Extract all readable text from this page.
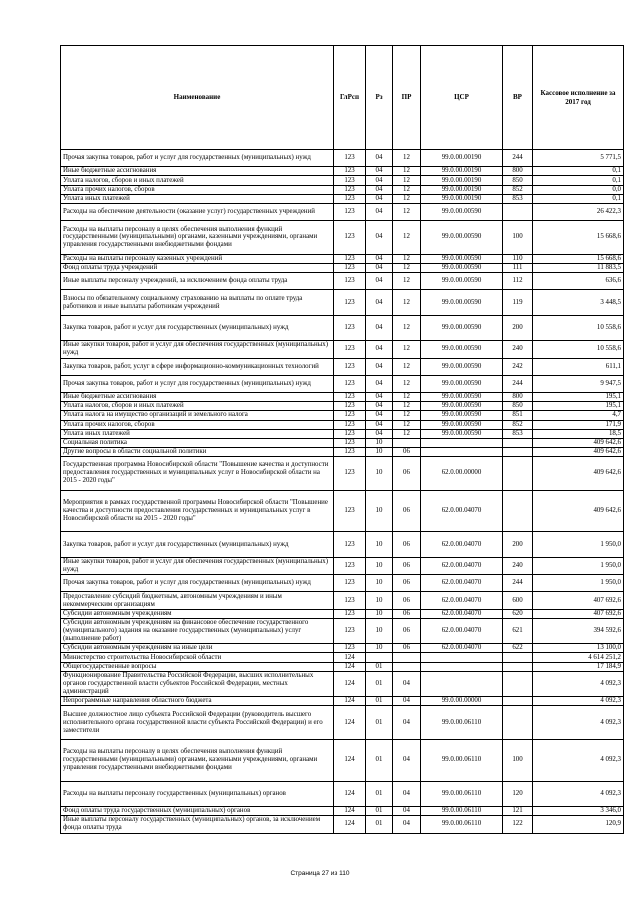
Наименование	ГлРсп	Рз	ПР	ЦСР	ВР	Кассовое исполнение за 2017 год
Прочая закупка товаров, работ и услуг для государственных (муниципальных) нужд	123	04	12	99.0.00.00190	244	5 771,5
Иные бюджетные ассигнования	123	04	12	99.0.00.00190	800	0,1
Уплата налогов, сборов и иных платежей	123	04	12	99.0.00.00190	850	0,1
Уплата прочих налогов, сборов	123	04	12	99.0.00.00190	852	0,0
Уплата иных платежей	123	04	12	99.0.00.00190	853	0,1
Расходы на обеспечение деятельности (оказание услуг) государственных учреждений	123	04	12	99.0.00.00590		26 422,3
Расходы на выплаты персоналу в целях обеспечения выполнения функций государственными (муниципальными) органами, казенными учреждениями, органами управления государственными внебюджетными фондами	123	04	12	99.0.00.00590	100	15 668,6
Расходы на выплаты персоналу казенных учреждений	123	04	12	99.0.00.00590	110	15 668,6
Фонд оплаты труда учреждений	123	04	12	99.0.00.00590	111	11 883,5
Иные выплаты персоналу учреждений, за исключением фонда оплаты труда	123	04	12	99.0.00.00590	112	636,6
Взносы по обязательному социальному страхованию на выплаты по оплате труда работников и иные выплаты работникам учреждений	123	04	12	99.0.00.00590	119	3 448,5
Закупка товаров, работ и услуг для государственных (муниципальных) нужд	123	04	12	99.0.00.00590	200	10 558,6
Иные закупки товаров, работ и услуг для обеспечения государственных (муниципальных) нужд	123	04	12	99.0.00.00590	240	10 558,6
Закупка товаров, работ, услуг в сфере информационно-коммуникационных технологий	123	04	12	99.0.00.00590	242	611,1
Прочая закупка товаров, работ и услуг для государственных (муниципальных) нужд	123	04	12	99.0.00.00590	244	9 947,5
Иные бюджетные ассигнования	123	04	12	99.0.00.00590	800	195,1
Уплата налогов, сборов и иных платежей	123	04	12	99.0.00.00590	850	195,1
Уплата налога на имущество организаций и земельного налога	123	04	12	99.0.00.00590	851	4,7
Уплата прочих налогов, сборов	123	04	12	99.0.00.00590	852	171,9
Уплата иных платежей	123	04	12	99.0.00.00590	853	18,5
Социальная политика	123	10				409 642,6
Другие вопросы в области социальной политики	123	10	06			409 642,6
Государственная программа Новосибирской области "Повышение качества и доступности предоставления государственных и муниципальных услуг в Новосибирской области на 2015 - 2020 годы"	123	10	06	62.0.00.00000		409 642,6
Мероприятия в рамках государственной программы Новосибирской области "Повышение качества и доступности предоставления государственных и муниципальных услуг в Новосибирской области на 2015 - 2020 годы"	123	10	06	62.0.00.04070		409 642,6
Закупка товаров, работ и услуг для государственных (муниципальных) нужд	123	10	06	62.0.00.04070	200	1 950,0
Иные закупки товаров, работ и услуг для обеспечения государственных (муниципальных) нужд	123	10	06	62.0.00.04070	240	1 950,0
Прочая закупка товаров, работ и услуг для государственных (муниципальных) нужд	123	10	06	62.0.00.04070	244	1 950,0
Предоставление субсидий бюджетным, автономным учреждениям и иным некоммерческим организациям	123	10	06	62.0.00.04070	600	407 692,6
Субсидии автономным учреждениям	123	10	06	62.0.00.04070	620	407 692,6
Субсидии автономным учреждениям на финансовое обеспечение государственного (муниципального) задания на оказание государственных (муниципальных) услуг (выполнение работ)	123	10	06	62.0.00.04070	621	394 592,6
Субсидии автономным учреждениям на иные цели	123	10	06	62.0.00.04070	622	13 100,0
Министерство строительства Новосибирской области	124					4 614 251,2
Общегосударственные вопросы	124	01				17 184,9
Функционирование Правительства Российской Федерации, высших исполнительных органов государственной власти субъектов Российской Федерации, местных администраций	124	01	04			4 092,3
Непрограммные направления областного бюджета	124	01	04	99.0.00.00000		4 092,3
Высшее должностное лицо субъекта Российской Федерации (руководитель высшего исполнительного органа государственной власти субъекта Российской Федерации) и его заместители	124	01	04	99.0.00.06110		4 092,3
Расходы на выплаты персоналу в целях обеспечения выполнения функций государственными (муниципальными) органами, казенными учреждениями, органами управления государственными внебюджетными фондами	124	01	04	99.0.00.06110	100	4 092,3
Расходы на выплаты персоналу государственных (муниципальных) органов	124	01	04	99.0.00.06110	120	4 092,3
Фонд оплаты труда государственных (муниципальных) органов	124	01	04	99.0.00.06110	121	3 346,0
Иные выплаты персоналу государственных (муниципальных) органов, за исключением фонда оплаты труда	124	01	04	99.0.00.06110	122	120,9
Страница 27 из 110
